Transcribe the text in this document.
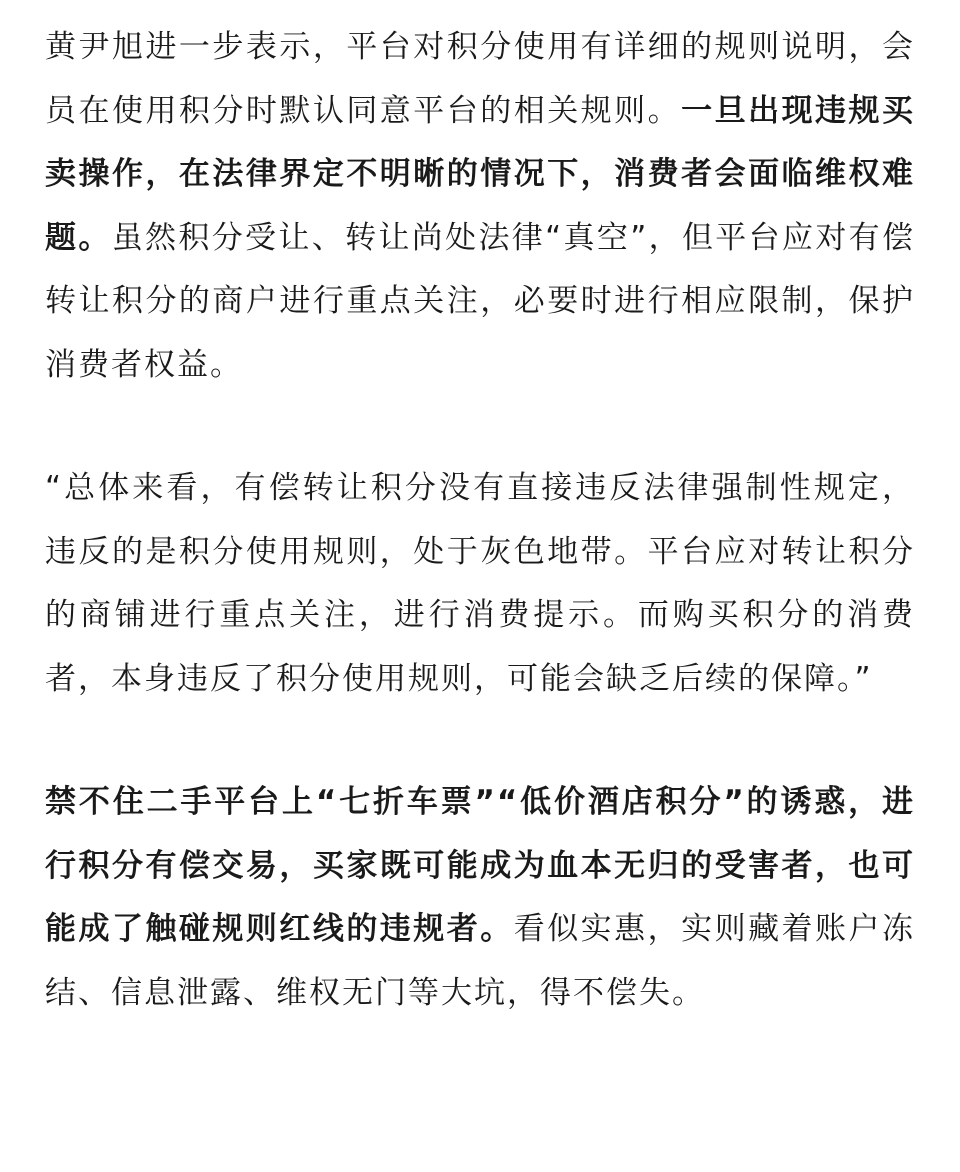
黄尹旭进一步表示，平台对积分使用有详细的规则说明，会员在使用积分时默认同意平台的相关规则。一旦出现违规买卖操作，在法律界定不明晰的情况下，消费者会面临维权难题。虽然积分受让、转让尚处法律“真空”，但平台应对有偿转让积分的商户进行重点关注，必要时进行相应限制，保护消费者权益。

“总体来看，有偿转让积分没有直接违反法律强制性规定，违反的是积分使用规则，处于灰色地带。平台应对转让积分的商铺进行重点关注，进行消费提示。而购买积分的消费者，本身违反了积分使用规则，可能会缺乏后续的保障。”

禁不住二手平台上“七折车票”“低价酒店积分”的诱惑，进行积分有偿交易，买家既可能成为血本无归的受害者，也可能成了触碰规则红线的违规者。看似实惠，实则藏着账户冻结、信息泄露、维权无门等大坑，得不偿失。
